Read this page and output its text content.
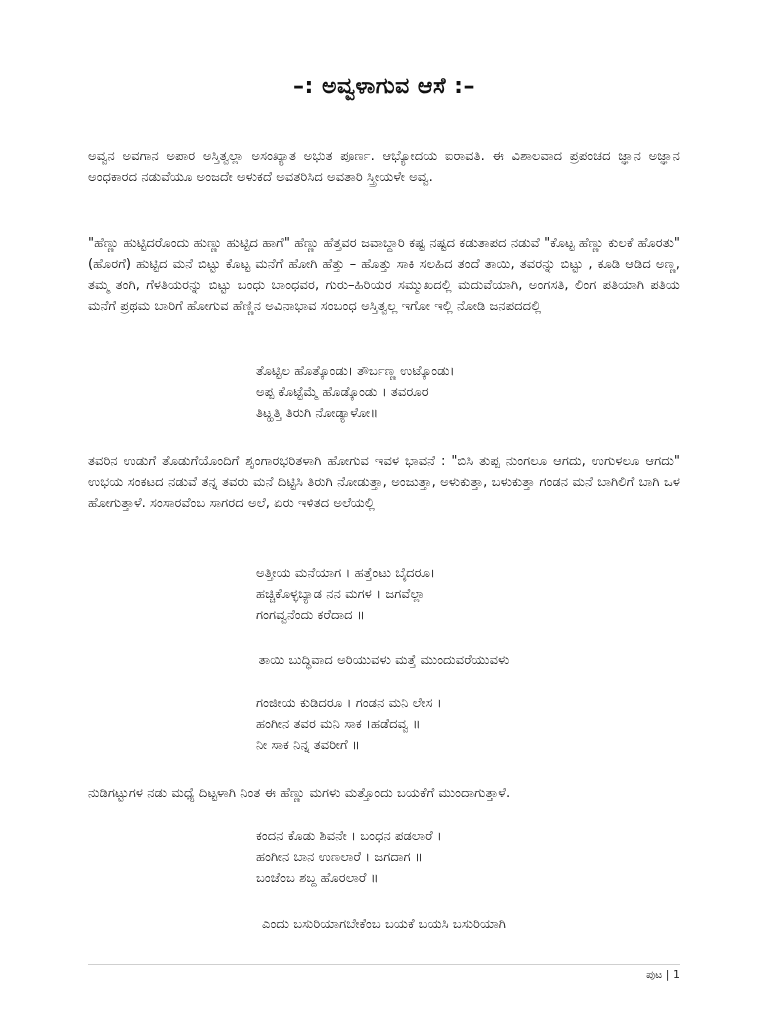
–: ಅವ್ವಳಾಗುವ ಆಸೆ :–
ಅವ್ವನ ಅವಗಾನ ಅಪಾರ ಅಸ್ತಿತ್ವಲ್ಲಾ ಅಸಂಖ್ಯಾತ ಅಭುತ ಪೂರ್ಣ. ಆಭ್ಯೋದಯ ಐರಾವತಿ. ಈ ವಿಶಾಲವಾದ ಪ್ರಪಂಚದ ಜ್ಞಾನ ಅಜ್ಞಾನ ಅಂಧಕಾರದ ನಡುವೆಯೂ ಅಂಜದೇ ಅಳುಕದೆ ಅವತರಿಸಿದ ಅವತಾರಿ ಸ್ತ್ರೀಯಳೇ ಅವ್ವ.
"ಹೆಣ್ಣು ಹುಟ್ಟಿದರೊಂದು ಹುಣ್ಣು ಹುಟ್ಟಿದ ಹಾಗೆ" ಹೆಣ್ಣು ಹೆತ್ತವರ ಜವಾಬ್ದಾರಿ ಕಷ್ಟ ನಷ್ಟದ ಕಡುತಾಪದ ನಡುವೆ "ಕೊಟ್ಟ ಹೆಣ್ಣು ಕುಲಕೆ ಹೊರತು" (ಹೊರಗೆ) ಹುಟ್ಟಿದ ಮನೆ ಬಿಟ್ಟು ಕೊಟ್ಟ ಮನೆಗೆ ಹೋಗಿ ಹೆತ್ತು – ಹೊತ್ತು ಸಾಕಿ ಸಲಹಿದ ತಂದೆ ತಾಯಿ, ತವರನ್ನು ಬಿಟ್ಟು , ಕೂಡಿ ಆಡಿದ ಅಣ್ಣ, ತಮ್ಮ ತಂಗಿ, ಗೆಳತಿಯರನ್ನು ಬಿಟ್ಟು ಬಂಧು ಬಾಂಧವರ, ಗುರು–ಹಿರಿಯರ ಸಮ್ಮುಖದಲ್ಲಿ ಮದುವೆಯಾಗಿ, ಅಂಗಸತಿ, ಲಿಂಗ ಪತಿಯಾಗಿ ಪತಿಯ ಮನೆಗೆ ಪ್ರಥಮ ಬಾರಿಗೆ ಹೋಗುವ ಹೆಣ್ಣಿನ ಅವಿನಾಭಾವ ಸಂಬಂಧ ಅಸ್ತಿತ್ವಲ್ಲ ಇಗೋ ಇಲ್ಲಿ ನೋಡಿ ಜನಪದದಲ್ಲಿ
ತೊಟ್ಟಿಲ ಹೊತ್ಕೊಂಡು। ತೌರ್ಬಣ್ಣ ಉಟ್ಕೊಂಡು।
ಅಪ್ಪ ಕೊಟ್ಟೆಮ್ಮೆ ಹೊಡ್ಕೊಂಡು । ತವರೂರ
ತಿಟ್ಹತ್ತಿ ತಿರುಗಿ ನೋಡ್ಯಾಳೋ॥
ತವರಿನ ಉಡುಗೆ ತೊಡುಗೆಯೊಂದಿಗೆ ಶೃಂಗಾರಭರಿತಳಾಗಿ ಹೋಗುವ ಇವಳ ಭಾವನೆ : "ಬಿಸಿ ತುಪ್ಪ ನುಂಗಲೂ ಆಗದು, ಉಗುಳಲೂ ಆಗದು" ಉಭಯ ಸಂಕಟದ ನಡುವೆ ತನ್ನ ತವರು ಮನೆ ದಿಟ್ಟಿಸಿ ತಿರುಗಿ ನೋಡುತ್ತಾ, ಅಂಜುತ್ತಾ, ಅಳುಕುತ್ತಾ, ಬಳುಕುತ್ತಾ ಗಂಡನ ಮನೆ ಬಾಗಿಲಿಗೆ ಬಾಗಿ ಒಳ ಹೋಗುತ್ತಾಳೆ. ಸಂಸಾರವೆಂಬ ಸಾಗರದ ಅಲೆ, ಏರು ಇಳಿತದ ಅಲೆಯಲ್ಲಿ
ಅತ್ತೀಯ ಮನೆಯಾಗ । ಹತ್ತೆಂಟು ಬೈದರೂ।
ಹಚ್ಚಿಕೊಳ್ಳಬ್ಯಾಡ ನನ ಮಗಳ । ಜಗವೆಲ್ಲಾ
ಗಂಗವ್ವನೆಂದು ಕರೆದಾದ ॥
ತಾಯಿ ಬುದ್ಧಿವಾದ ಅರಿಯುವಳು ಮತ್ತೆ ಮುಂದುವರೆಯುವಳು
ಗಂಜೀಯ ಕುಡಿದರೂ । ಗಂಡನ ಮನಿ ಲೇಸ ।
ಹಂಗೀನ ತವರ ಮನಿ ಸಾಕ ।ಹಡೆದವ್ವ ॥
ನೀ ಸಾಕ ನಿನ್ನ ತವರೀಗೆ ॥
ನುಡಿಗಟ್ಟುಗಳ ನಡು ಮಧ್ಯೆ ದಿಟ್ಟಳಾಗಿ ನಿಂತ ಈ ಹೆಣ್ಣು ಮಗಳು ಮತ್ತೊಂದು ಬಯಕೆಗೆ ಮುಂದಾಗುತ್ತಾಳೆ.
ಕಂದನ ಕೊಡು ಶಿವನೇ । ಬಂಧನ ಪಡಲಾರೆ ।
ಹಂಗೀನ ಬಾನ ಉಣಲಾರೆ । ಜಗದಾಗ ॥
ಬಂಜೆಂಬ ಶಬ್ದ ಹೊರಲಾರೆ ॥
ಎಂದು ಬಸುರಿಯಾಗಬೇಕೆಂಬ ಬಯಕೆ ಬಯಸಿ ಬಸುರಿಯಾಗಿ
ಪುಟ | 1
